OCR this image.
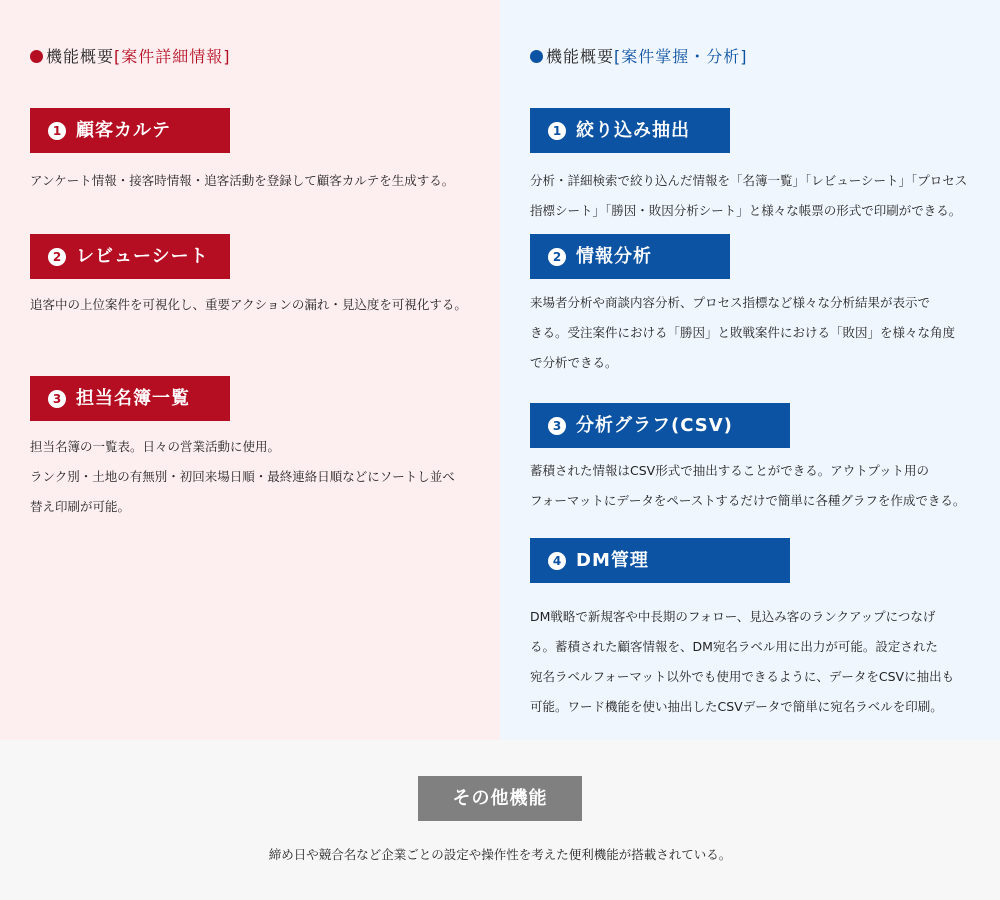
機能概要[案件詳細情報]
1 顧客カルテ
アンケート情報・接客時情報・追客活動を登録して顧客カルテを生成する。
2 レビューシート
追客中の上位案件を可視化し、重要アクションの漏れ・見込度を可視化する。
3 担当名簿一覧
担当名簿の一覧表。日々の営業活動に使用。
ランク別・土地の有無別・初回来場日順・最終連絡日順などにソートし並べ
替え印刷が可能。
機能概要[案件掌握・分析]
1 絞り込み抽出
分析・詳細検索で絞り込んだ情報を「名簿一覧」「レビューシート」「プロセス
指標シート」「勝因・敗因分析シート」と様々な帳票の形式で印刷ができる。
2 情報分析
来場者分析や商談内容分析、プロセス指標など様々な分析結果が表示で
きる。受注案件における「勝因」と敗戦案件における「敗因」を様々な角度
で分析できる。
3 分析グラフ(CSV)
蓄積された情報はCSV形式で抽出することができる。アウトプット用の
フォーマットにデータをペーストするだけで簡単に各種グラフを作成できる。
4 DM管理
DM戦略で新規客や中長期のフォロー、見込み客のランクアップにつなげ
る。蓄積された顧客情報を、DM宛名ラベル用に出力が可能。設定された
宛名ラベルフォーマット以外でも使用できるように、データをCSVに抽出も
可能。ワード機能を使い抽出したCSVデータで簡単に宛名ラベルを印刷。
その他機能
締め日や競合名など企業ごとの設定や操作性を考えた便利機能が搭載されている。
